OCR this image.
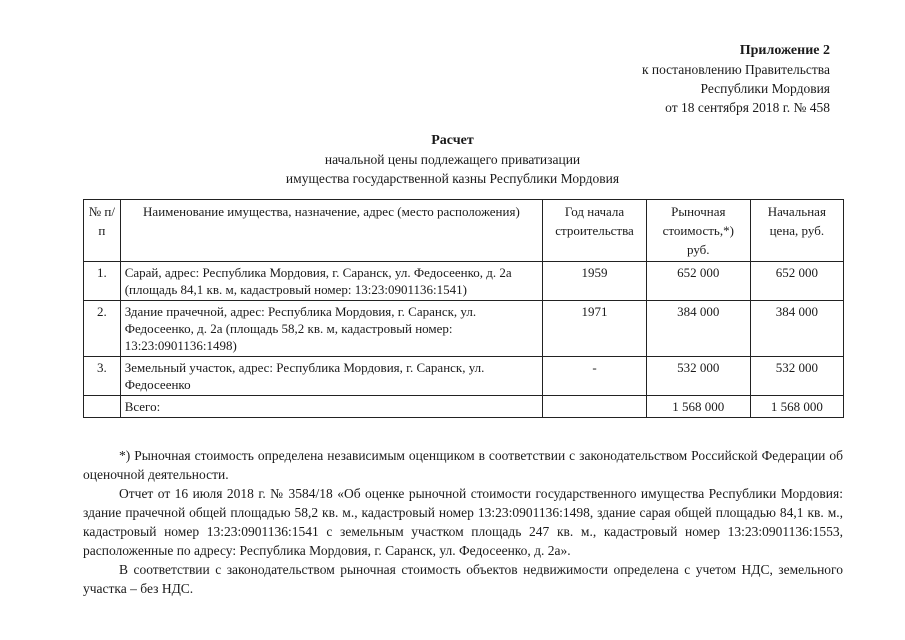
Приложение 2
к постановлению Правительства
Республики Мордовия
от 18 сентября 2018 г. № 458
Расчет
начальной цены подлежащего приватизации
имущества государственной казны Республики Мордовия
№ п/п	Наименование имущества, назначение, адрес (место расположения)	Год начала строительства	Рыночная стоимость,*) руб.	Начальная цена, руб.
1.	Сарай, адрес: Республика Мордовия, г. Саранск, ул. Федосеенко, д. 2а (площадь 84,1 кв. м, кадастровый номер: 13:23:0901136:1541)	1959	652 000	652 000
2.	Здание прачечной, адрес: Республика Мордовия, г. Саранск, ул. Федосеенко, д. 2а (площадь 58,2 кв. м, кадастровый номер: 13:23:0901136:1498)	1971	384 000	384 000
3.	Земельный участок, адрес: Республика Мордовия, г. Саранск, ул. Федосеенко	-	532 000	532 000
	Всего:		1 568 000	1 568 000

*) Рыночная стоимость определена независимым оценщиком в соответствии с законодательством Российской Федерации об оценочной деятельности.

Отчет от 16 июля 2018 г. № 3584/18 «Об оценке рыночной стоимости государственного имущества Республики Мордовия: здание прачечной общей площадью 58,2 кв. м., кадастровый номер 13:23:0901136:1498, здание сарая общей площадью 84,1 кв. м., кадастровый номер 13:23:0901136:1541 с земельным участком площадь 247 кв. м., кадастровый номер 13:23:0901136:1553, расположенные по адресу: Республика Мордовия, г. Саранск, ул. Федосеенко, д. 2а».

В соответствии с законодательством рыночная стоимость объектов недвижимости определена с учетом НДС, земельного участка – без НДС.
